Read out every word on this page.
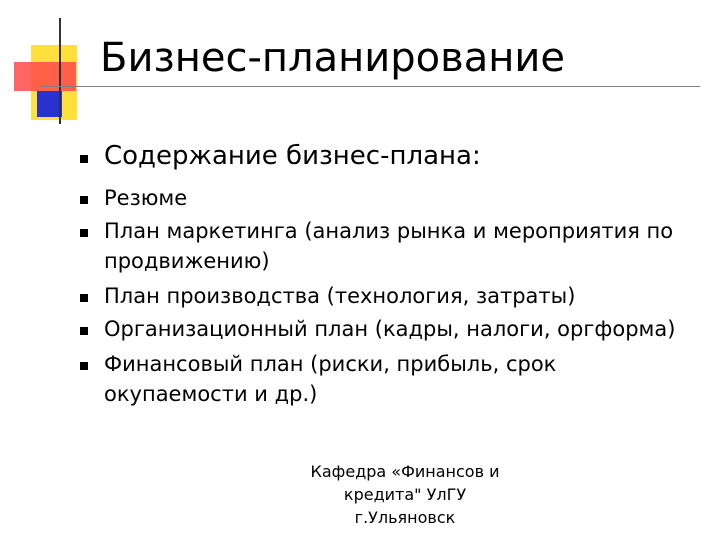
Бизнес-планирование
Содержание бизнес-плана:
Резюме
План маркетинга (анализ рынка и мероприятия по
продвижению)
План производства (технология, затраты)
Организационный план (кадры, налоги, оргформа)
Финансовый план (риски, прибыль, срок
окупаемости и др.)
Кафедра «Финансов и
кредита" УлГУ
г.Ульяновск
